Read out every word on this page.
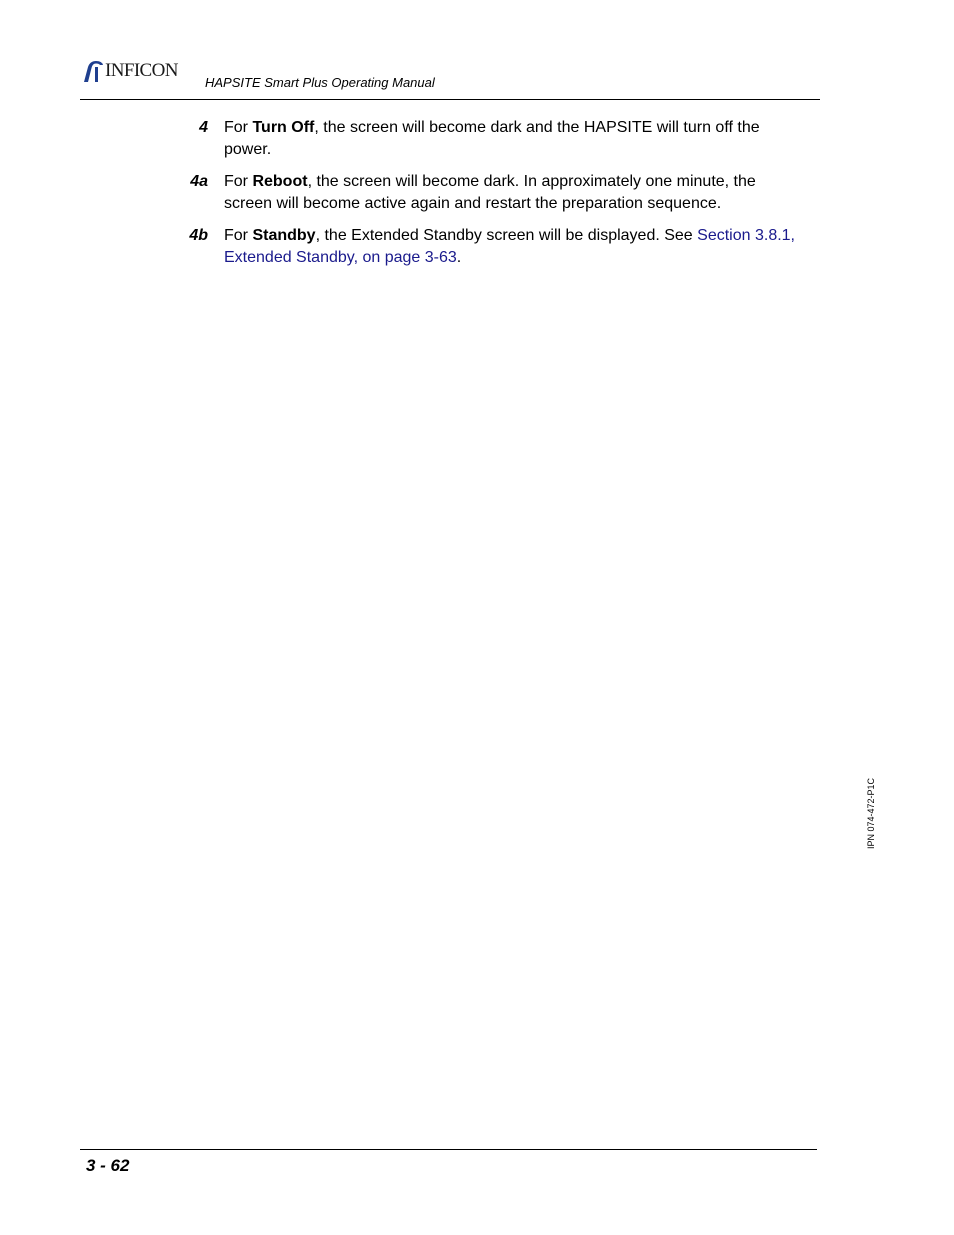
INFICON
HAPSITE Smart Plus Operating Manual
4 For Turn Off, the screen will become dark and the HAPSITE will turn off the power.
4a For Reboot, the screen will become dark. In approximately one minute, the screen will become active again and restart the preparation sequence.
4b For Standby, the Extended Standby screen will be displayed. See Section 3.8.1, Extended Standby, on page 3-63.
IPN 074-472-P1C
3 - 62
